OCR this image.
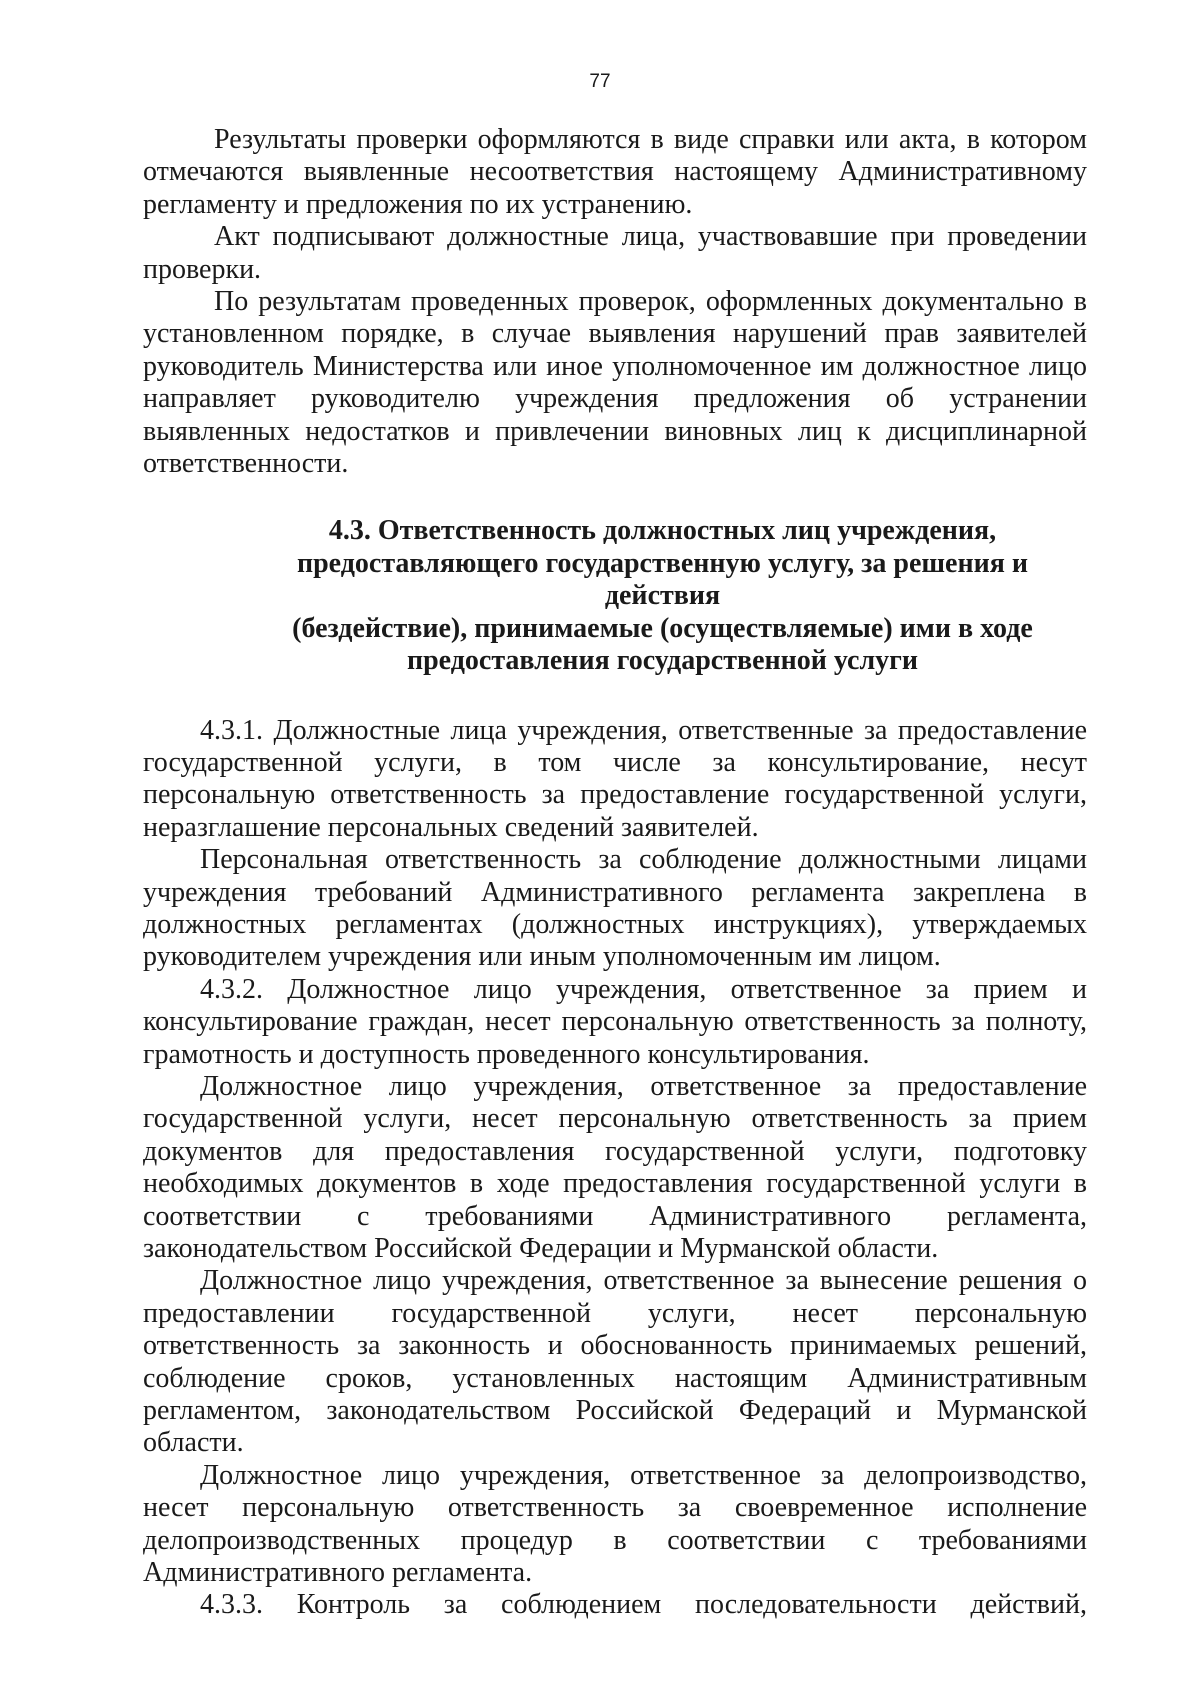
77

Результаты проверки оформляются в виде справки или акта, в котором отмечаются выявленные несоответствия настоящему Административному регламенту и предложения по их устранению.

Акт подписывают должностные лица, участвовавшие при проведении проверки.

По результатам проведенных проверок, оформленных документально в установленном порядке, в случае выявления нарушений прав заявителей руководитель Министерства или иное уполномоченное им должностное лицо направляет руководителю учреждения предложения об устранении выявленных недостатков и привлечении виновных лиц к дисциплинарной ответственности.

4.3. Ответственность должностных лиц учреждения,
предоставляющего государственную услугу, за решения и действия
(бездействие), принимаемые (осуществляемые) ими в ходе
предоставления государственной услуги

4.3.1. Должностные лица учреждения, ответственные за предоставление государственной услуги, в том числе за консультирование, несут персональную ответственность за предоставление государственной услуги, неразглашение персональных сведений заявителей.

Персональная ответственность за соблюдение должностными лицами учреждения требований Административного регламента закреплена в должностных регламентах (должностных инструкциях), утверждаемых руководителем учреждения или иным уполномоченным им лицом.

4.3.2. Должностное лицо учреждения, ответственное за прием и консультирование граждан, несет персональную ответственность за полноту, грамотность и доступность проведенного консультирования.

Должностное лицо учреждения, ответственное за предоставление государственной услуги, несет персональную ответственность за прием документов для предоставления государственной услуги, подготовку необходимых документов в ходе предоставления государственной услуги в соответствии с требованиями Административного регламента, законодательством Российской Федерации и Мурманской области.

Должностное лицо учреждения, ответственное за вынесение решения о предоставлении государственной услуги, несет персональную ответственность за законность и обоснованность принимаемых решений, соблюдение сроков, установленных настоящим Административным регламентом, законодательством Российской Федераций и Мурманской области.

Должностное лицо учреждения, ответственное за делопроизводство, несет персональную ответственность за своевременное исполнение делопроизводственных процедур в соответствии с требованиями Административного регламента.

4.3.3. Контроль за соблюдением последовательности действий,
